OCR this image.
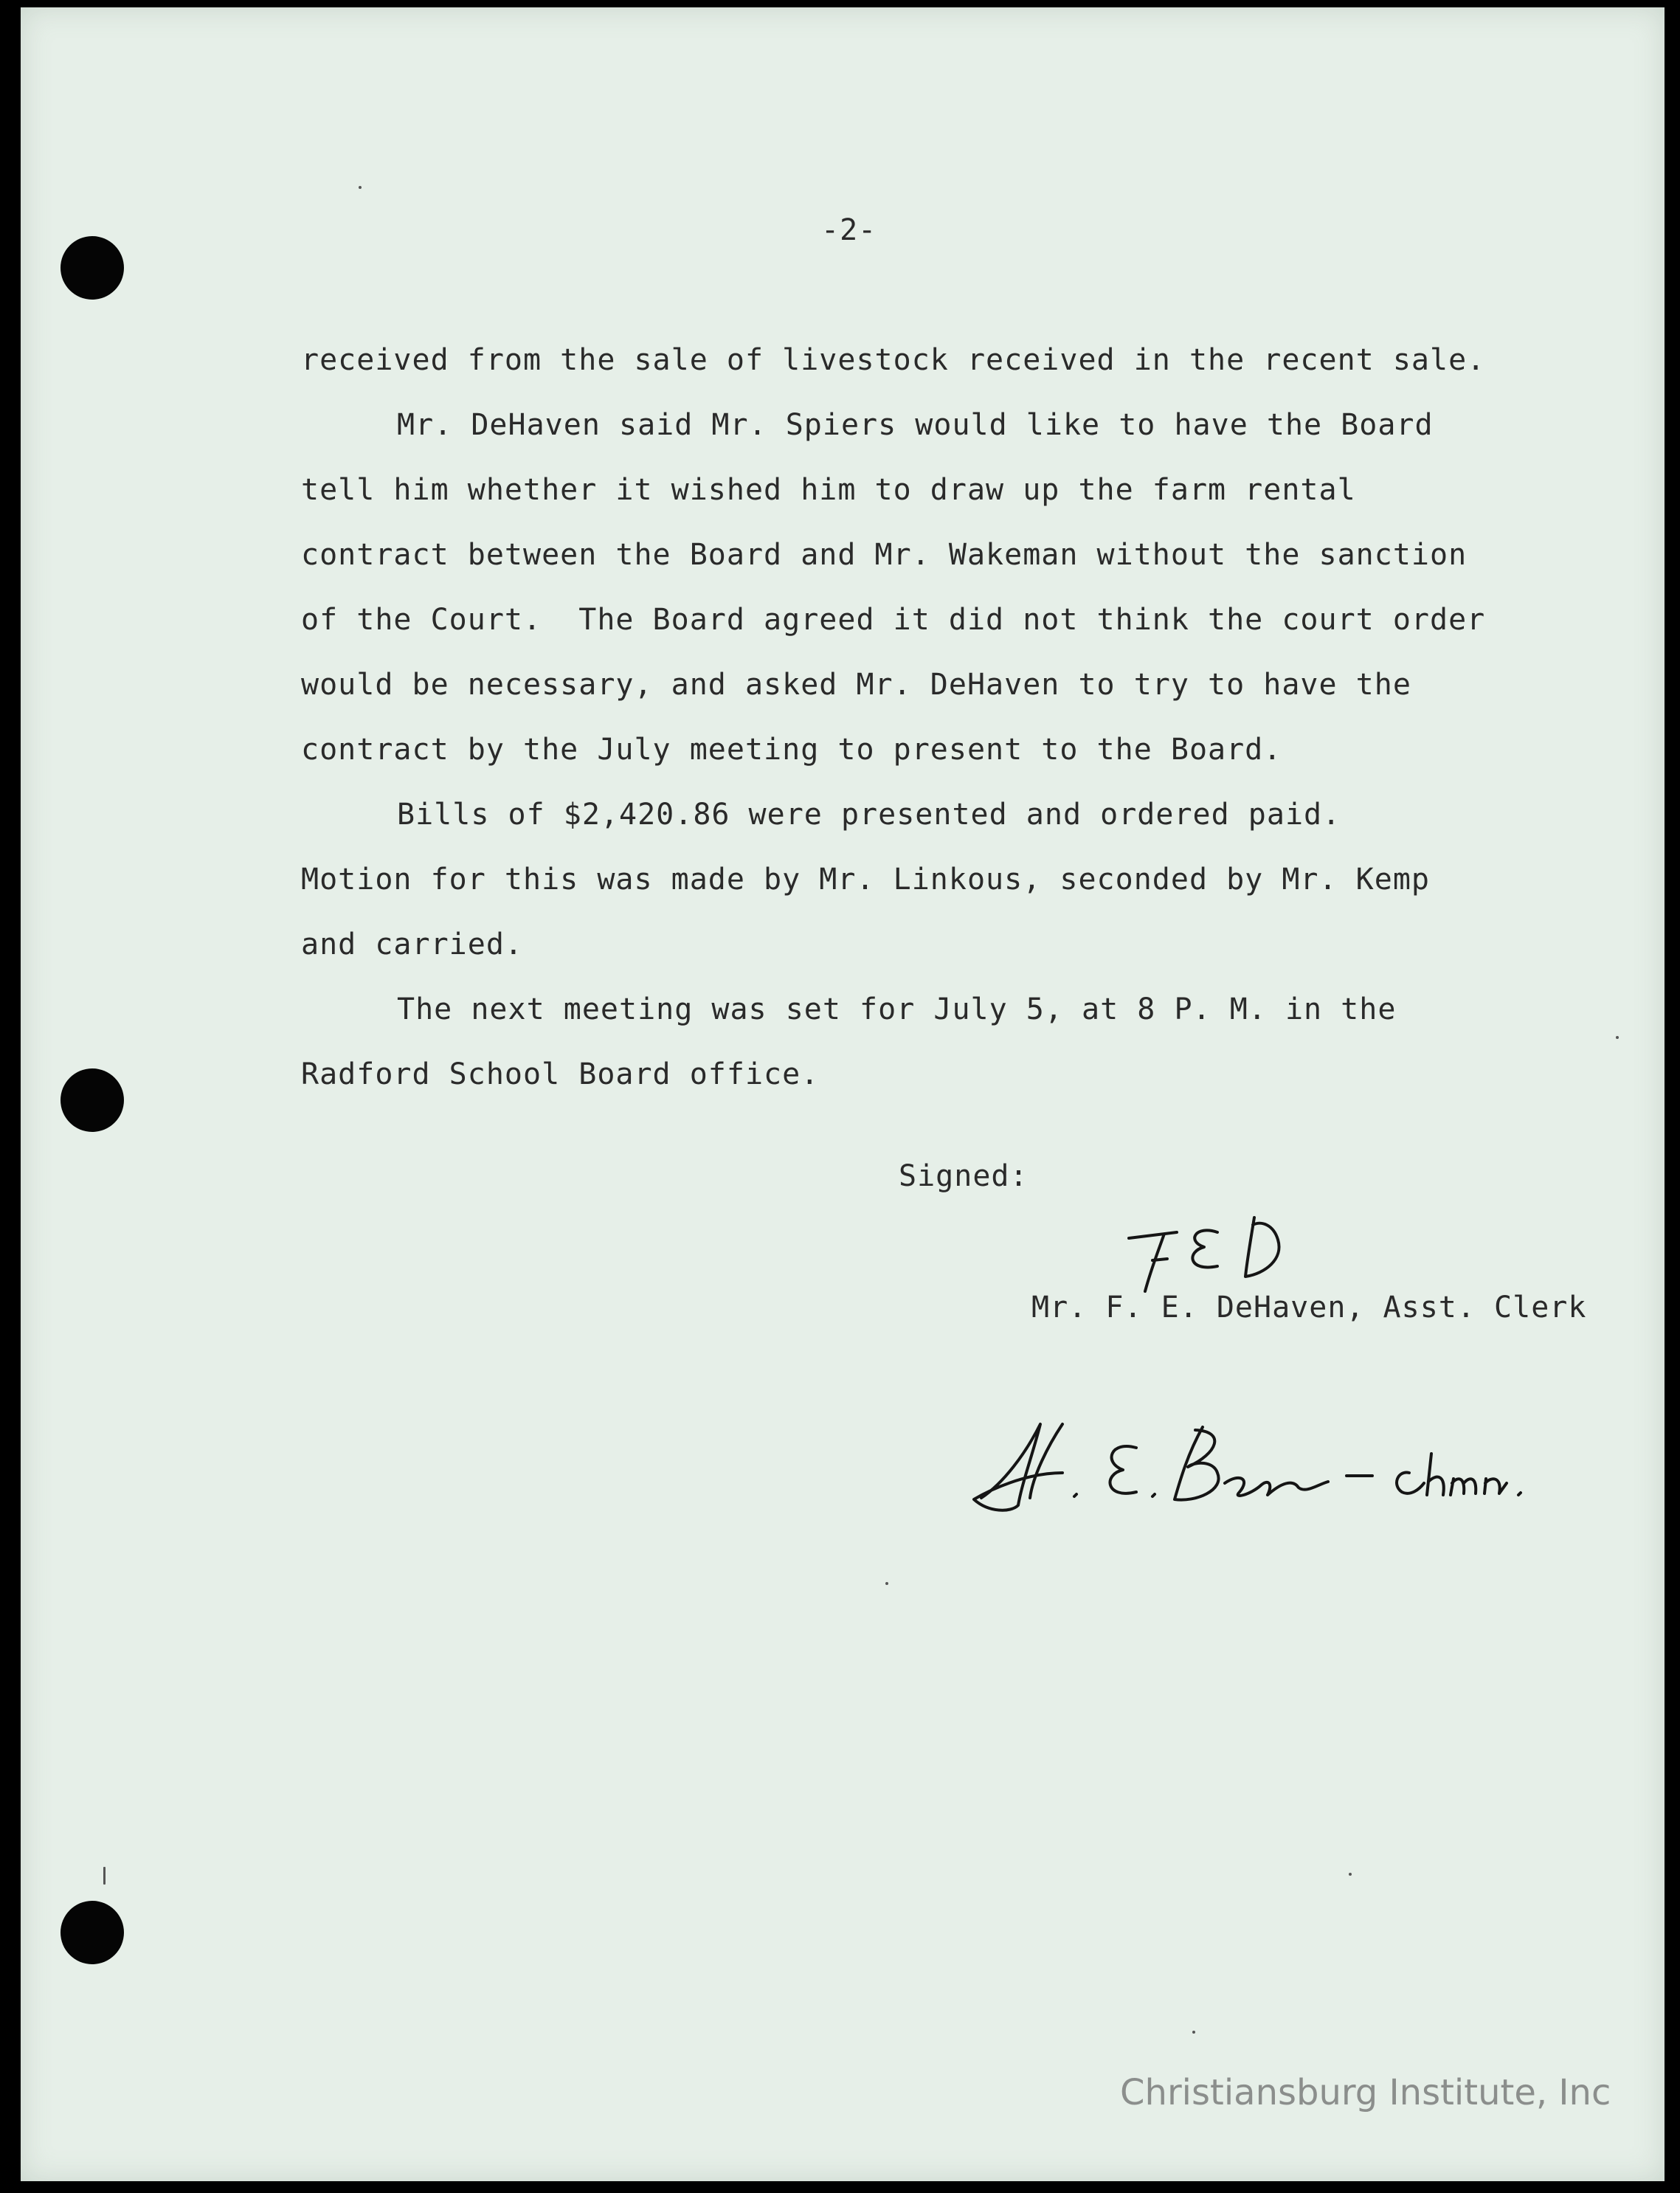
-2-
received from the sale of livestock received in the recent sale.
Mr. DeHaven said Mr. Spiers would like to have the Board
tell him whether it wished him to draw up the farm rental
contract between the Board and Mr. Wakeman without the sanction
of the Court.  The Board agreed it did not think the court order
would be necessary, and asked Mr. DeHaven to try to have the
contract by the July meeting to present to the Board.
Bills of $2,420.86 were presented and ordered paid.
Motion for this was made by Mr. Linkous, seconded by Mr. Kemp
and carried.
The next meeting was set for July 5, at 8 P. M. in the
Radford School Board office.
Signed:
Mr. F. E. DeHaven, Asst. Clerk
Christiansburg Institute, Inc
